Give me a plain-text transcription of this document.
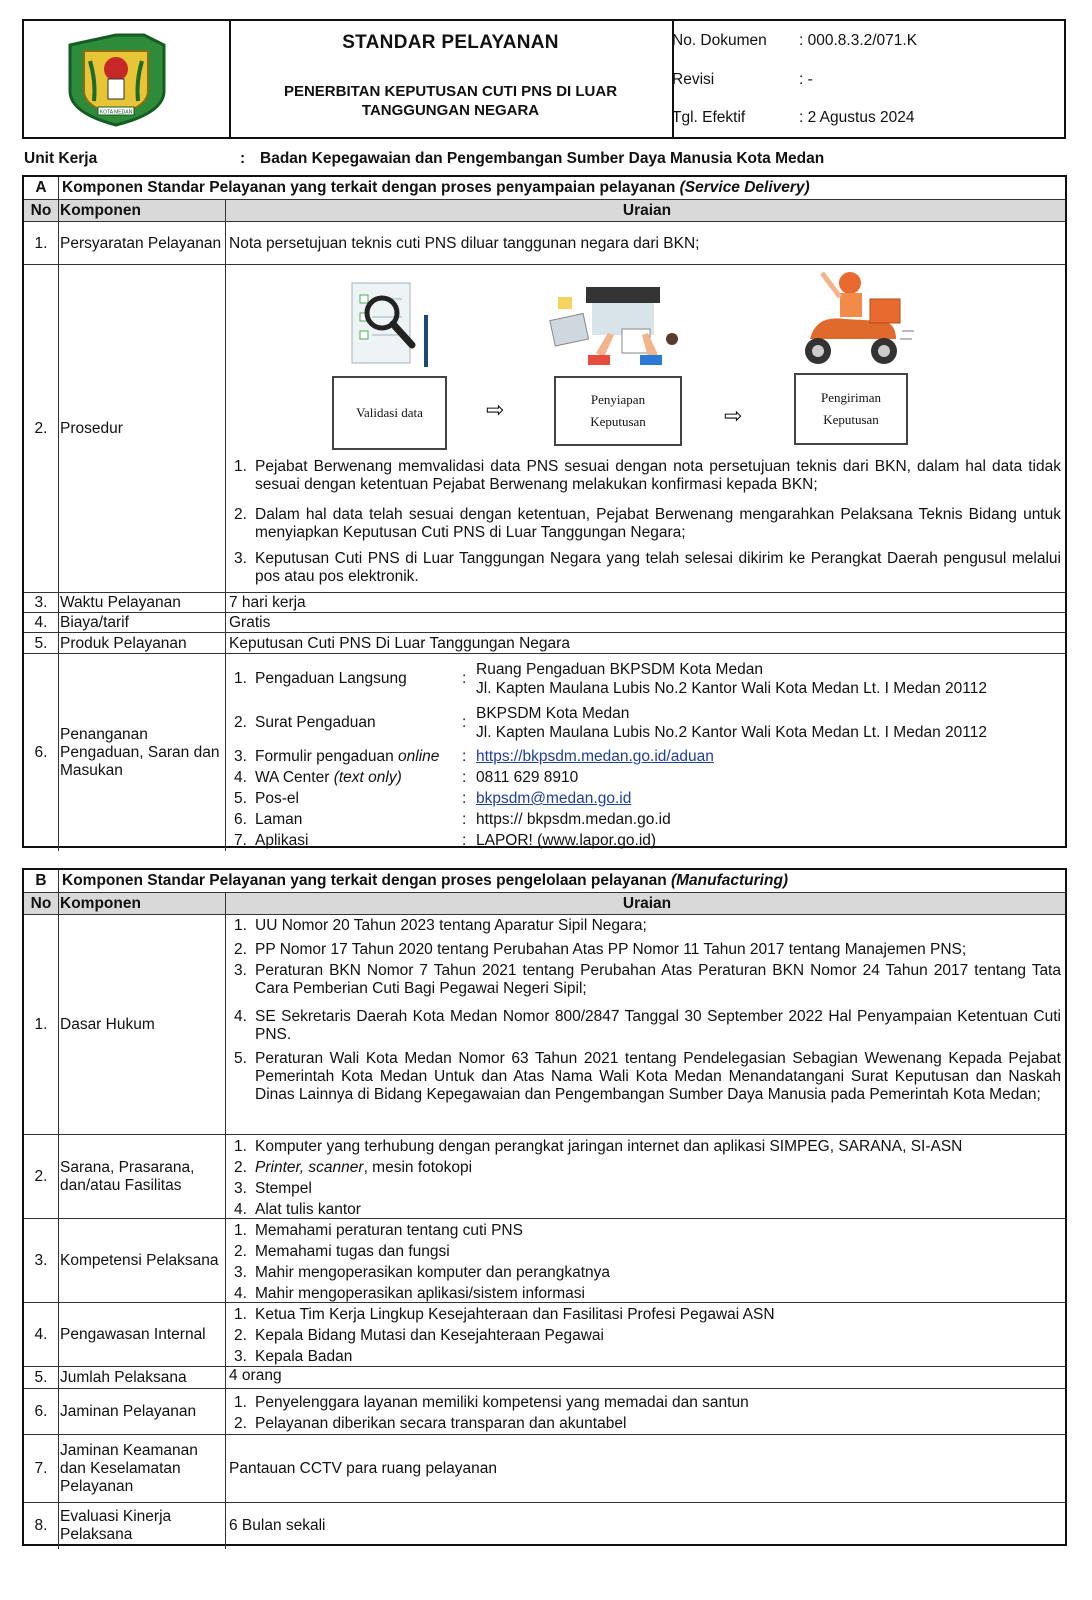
KOTA MEDAN
STANDAR PELAYANAN
PENERBITAN KEPUTUSAN CUTI PNS DI LUAR
TANGGUNGAN NEGARA
No. Dokumen	: 000.8.3.2/071.K
Revisi	: -
Tgl. Efektif	: 2 Agustus 2024
Unit Kerja	: Badan Kepegawaian dan Pengembangan Sumber Daya Manusia Kota Medan
A Komponen Standar Pelayanan yang terkait dengan proses penyampaian pelayanan (Service Delivery)
No Komponen	Uraian
1. Persyaratan Pelayanan Nota persetujuan teknis cuti PNS diluar tanggunan negara dari BKN;
2. Prosedur
Validasi data	⇨	Penyiapan Keputusan	⇨
Pengiriman Keputusan
1. Pejabat Berwenang memvalidasi data PNS sesuai dengan nota persetujuan teknis dari BKN, dalam hal data tidak sesuai dengan ketentuan Pejabat Berwenang melakukan konfirmasi kepada BKN;
2. Dalam hal data telah sesuai dengan ketentuan, Pejabat Berwenang mengarahkan Pelaksana Teknis Bidang untuk menyiapkan Keputusan Cuti PNS di Luar Tanggungan Negara;
3. Keputusan Cuti PNS di Luar Tanggungan Negara yang telah selesai dikirim ke Perangkat Daerah pengusul melalui pos atau pos elektronik.
3. Waktu Pelayanan	7 hari kerja
4. Biaya/tarif	Gratis
5. Produk Pelayanan	Keputusan Cuti PNS Di Luar Tanggungan Negara
6.
Penanganan Pengaduan, Saran dan Masukan
1. Pengaduan Langsung	:
Ruang Pengaduan BKPSDM Kota Medan
Jl. Kapten Maulana Lubis No.2 Kantor Wali Kota Medan Lt. I Medan 20112
2. Surat Pengaduan	:
BKPSDM Kota Medan
Jl. Kapten Maulana Lubis No.2 Kantor Wali Kota Medan Lt. I Medan 20112
3. Formulir pengaduan online : https://bkpsdm.medan.go.id/aduan
4. WA Center (text only)	: 0811 629 8910
5. Pos-el	: bkpsdm@medan.go.id
6. Laman	: https:// bkpsdm.medan.go.id
7. Aplikasi	: LAPOR! (www.lapor.go.id)
B Komponen Standar Pelayanan yang terkait dengan proses pengelolaan pelayanan (Manufacturing)
No Komponen	Uraian
1. Dasar Hukum
1. UU Nomor 20 Tahun 2023 tentang Aparatur Sipil Negara;
2. PP Nomor 17 Tahun 2020 tentang Perubahan Atas PP Nomor 11 Tahun 2017 tentang Manajemen PNS;
3. Peraturan BKN Nomor 7 Tahun 2021 tentang Perubahan Atas Peraturan BKN Nomor 24 Tahun 2017 tentang Tata Cara Pemberian Cuti Bagi Pegawai Negeri Sipil;
4. SE Sekretaris Daerah Kota Medan Nomor 800/2847 Tanggal 30 September 2022 Hal Penyampaian Ketentuan Cuti PNS.
5. Peraturan Wali Kota Medan Nomor 63 Tahun 2021 tentang Pendelegasian Sebagian Wewenang Kepada Pejabat Pemerintah Kota Medan Untuk dan Atas Nama Wali Kota Medan Menandatangani Surat Keputusan dan Naskah Dinas Lainnya di Bidang Kepegawaian dan Pengembangan Sumber Daya Manusia pada Pemerintah Kota Medan;
2.
Sarana, Prasarana, dan/atau Fasilitas
1. Komputer yang terhubung dengan perangkat jaringan internet dan aplikasi SIMPEG, SARANA, SI-ASN
2. Printer, scanner, mesin fotokopi
3. Stempel
4. Alat tulis kantor
3. Kompetensi Pelaksana
1. Memahami peraturan tentang cuti PNS
2. Memahami tugas dan fungsi
3. Mahir mengoperasikan komputer dan perangkatnya
4. Mahir mengoperasikan aplikasi/sistem informasi
4. Pengawasan Internal
1. Ketua Tim Kerja Lingkup Kesejahteraan dan Fasilitasi Profesi Pegawai ASN
2. Kepala Bidang Mutasi dan Kesejahteraan Pegawai
3. Kepala Badan
5. Jumlah Pelaksana	4 orang
6. Jaminan Pelayanan
1. Penyelenggara layanan memiliki kompetensi yang memadai dan santun
2. Pelayanan diberikan secara transparan dan akuntabel
7.
Jaminan Keamanan dan Keselamatan Pelayanan
Pantauan CCTV para ruang pelayanan
8.
Evaluasi Kinerja Pelaksana
6 Bulan sekali
